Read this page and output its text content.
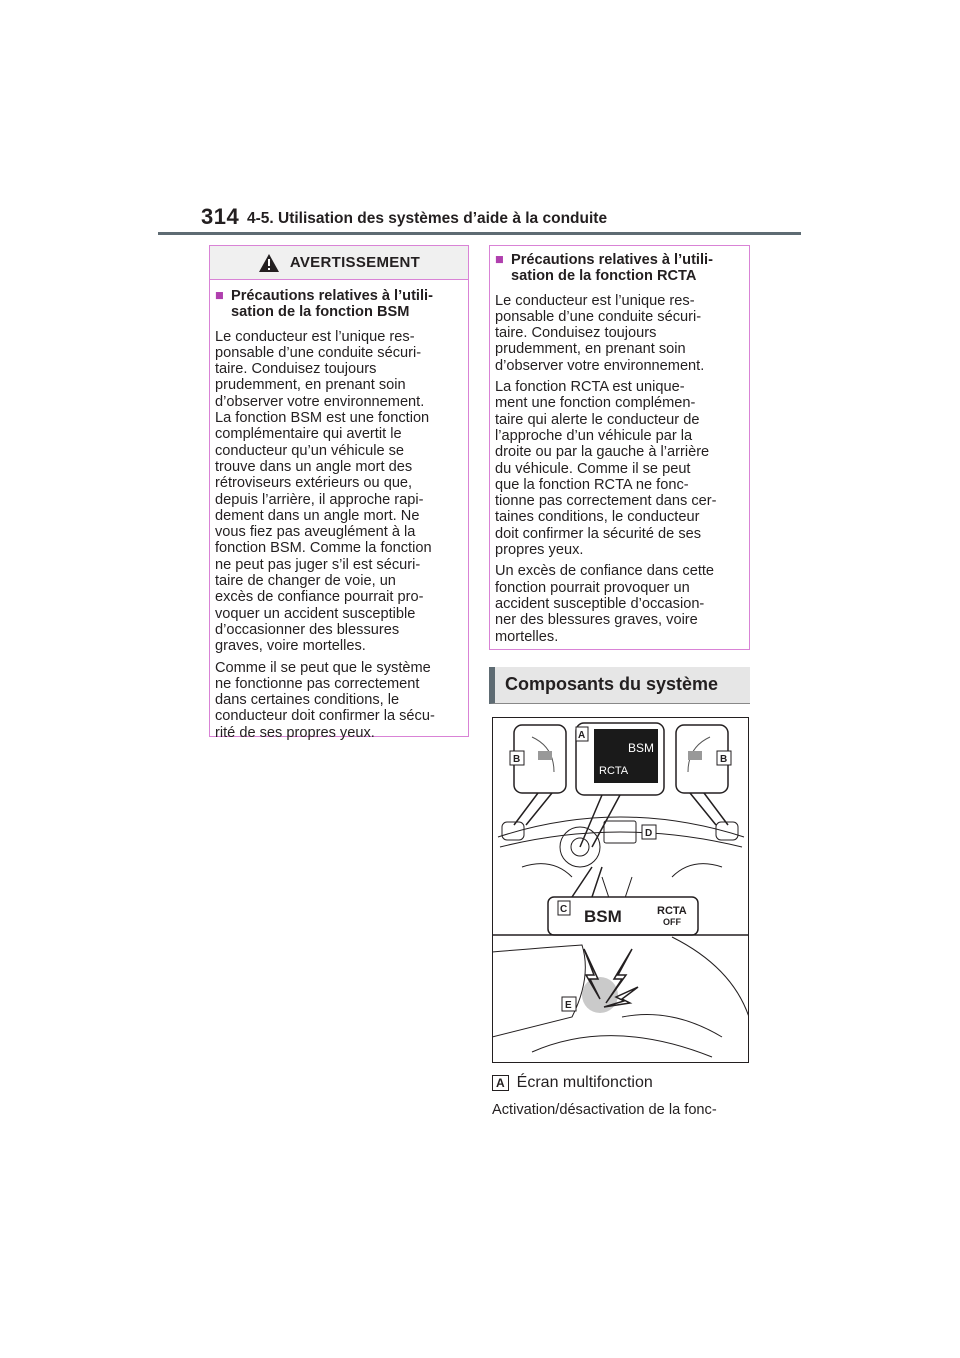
314 4-5. Utilisation des systèmes d’aide à la conduite
AVERTISSEMENT
■ Précautions relatives à l’utili-
sation de la fonction BSM

Le conducteur est l’unique res-
ponsable d’une conduite sécuri-
taire. Conduisez toujours
prudemment, en prenant soin
d’observer votre environnement.
La fonction BSM est une fonction
complémentaire qui avertit le
conducteur qu’un véhicule se
trouve dans un angle mort des
rétroviseurs extérieurs ou que,
depuis l’arrière, il approche rapi-
dement dans un angle mort. Ne
vous fiez pas aveuglément à la
fonction BSM. Comme la fonction
ne peut pas juger s’il est sécuri-
taire de changer de voie, un
excès de confiance pourrait pro-
voquer un accident susceptible
d’occasionner des blessures
graves, voire mortelles.

Comme il se peut que le système
ne fonctionne pas correctement
dans certaines conditions, le
conducteur doit confirmer la sécu-
rité de ses propres yeux.

■ Précautions relatives à l’utili-
sation de la fonction RCTA

Le conducteur est l’unique res-
ponsable d’une conduite sécuri-
taire. Conduisez toujours
prudemment, en prenant soin
d’observer votre environnement.

La fonction RCTA est unique-
ment une fonction complémen-
taire qui alerte le conducteur de
l’approche d’un véhicule par la
droite ou par la gauche à l’arrière
du véhicule. Comme il se peut
que la fonction RCTA ne fonc-
tionne pas correctement dans cer-
taines conditions, le conducteur
doit confirmer la sécurité de ses
propres yeux.

Un excès de confiance dans cette
fonction pourrait provoquer un
accident susceptible d’occasion-
ner des blessures graves, voire
mortelles.

Composants du système
BSM
RCTA
BSM	RCTA
OFF
A
B	B
D
C
E
A Écran multifonction
Activation/désactivation de la fonc-
